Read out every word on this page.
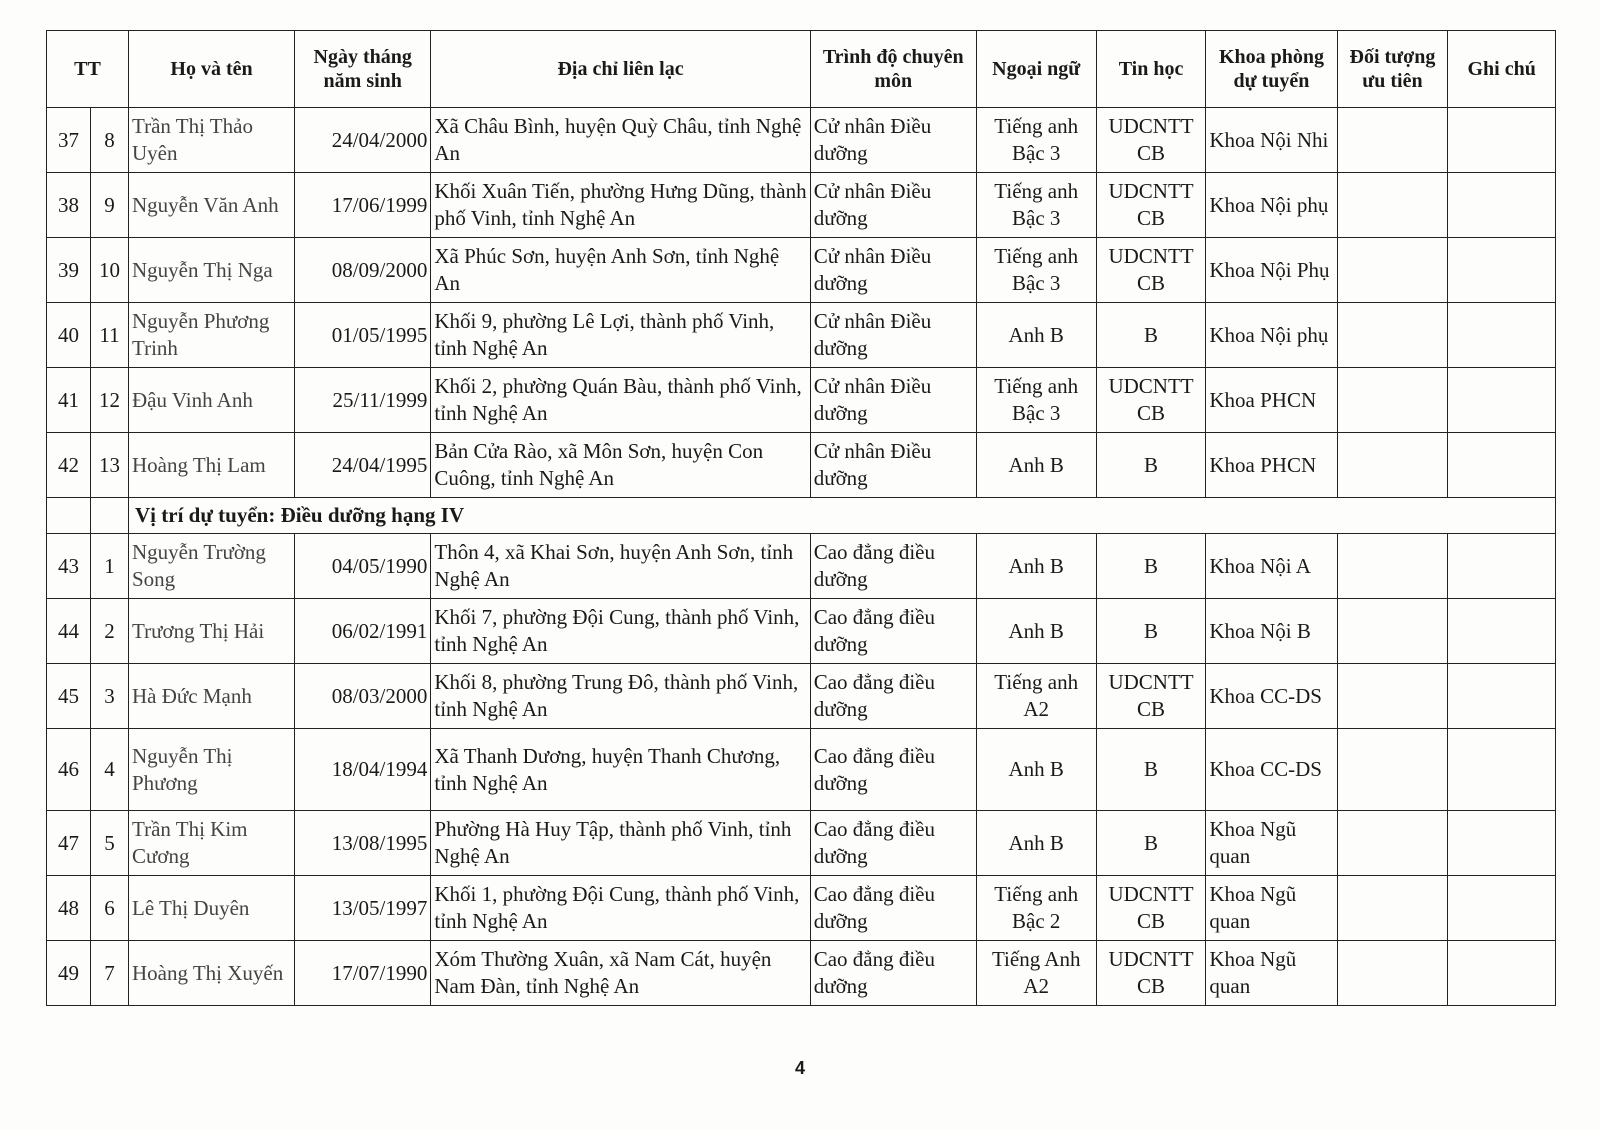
TT		Họ và tên	Ngày tháng năm sinh	Địa chỉ liên lạc	Trình độ chuyên môn	Ngoại ngữ	Tin học	Khoa phòng dự tuyển	Đối tượng ưu tiên	Ghi chú
37	8	Trần Thị Thảo Uyên	24/04/2000	Xã Châu Bình, huyện Quỳ Châu, tỉnh Nghệ An	Cử nhân Điều dưỡng	Tiếng anh Bậc 3	UDCNTT CB	Khoa Nội Nhi		
38	9	Nguyễn Văn Anh	17/06/1999	Khối Xuân Tiến, phường Hưng Dũng, thành phố Vinh, tỉnh Nghệ An	Cử nhân Điều dưỡng	Tiếng anh Bậc 3	UDCNTT CB	Khoa Nội phụ		
39	10	Nguyễn Thị Nga	08/09/2000	Xã Phúc Sơn, huyện Anh Sơn, tỉnh Nghệ An	Cử nhân Điều dưỡng	Tiếng anh Bậc 3	UDCNTT CB	Khoa Nội Phụ		
40	11	Nguyễn Phương Trinh	01/05/1995	Khối 9, phường Lê Lợi, thành phố Vinh, tỉnh Nghệ An	Cử nhân Điều dưỡng	Anh B	B	Khoa Nội phụ		
41	12	Đậu Vinh Anh	25/11/1999	Khối 2, phường Quán Bàu, thành phố Vinh, tỉnh Nghệ An	Cử nhân Điều dưỡng	Tiếng anh Bậc 3	UDCNTT CB	Khoa PHCN		
42	13	Hoàng Thị Lam	24/04/1995	Bản Cửa Rào, xã Môn Sơn, huyện Con Cuông, tỉnh Nghệ An	Cử nhân Điều dưỡng	Anh B	B	Khoa PHCN		
		Vị trí dự tuyển: Điều dưỡng hạng IV								
43	1	Nguyễn Trường Song	04/05/1990	Thôn 4, xã Khai Sơn, huyện Anh Sơn, tỉnh Nghệ An	Cao đẳng điều dưỡng	Anh B	B	Khoa Nội A		
44	2	Trương Thị Hải	06/02/1991	Khối 7, phường Đội Cung, thành phố Vinh, tỉnh Nghệ An	Cao đẳng điều dưỡng	Anh B	B	Khoa Nội B		
45	3	Hà Đức Mạnh	08/03/2000	Khối 8, phường Trung Đô, thành phố Vinh, tỉnh Nghệ An	Cao đẳng điều dưỡng	Tiếng anh A2	UDCNTT CB	Khoa CC-DS		
46	4	Nguyễn Thị Phương	18/04/1994	Xã Thanh Dương, huyện Thanh Chương, tỉnh Nghệ An	Cao đẳng điều dưỡng	Anh B	B	Khoa CC-DS		
47	5	Trần Thị Kim Cương	13/08/1995	Phường Hà Huy Tập, thành phố Vinh, tỉnh Nghệ An	Cao đẳng điều dưỡng	Anh B	B	Khoa Ngũ quan		
48	6	Lê Thị Duyên	13/05/1997	Khối 1, phường Đội Cung, thành phố Vinh, tỉnh Nghệ An	Cao đẳng điều dưỡng	Tiếng anh Bậc 2	UDCNTT CB	Khoa Ngũ quan		
49	7	Hoàng Thị Xuyến	17/07/1990	Xóm Thường Xuân, xã Nam Cát, huyện Nam Đàn, tỉnh Nghệ An	Cao đẳng điều dưỡng	Tiếng Anh A2	UDCNTT CB	Khoa Ngũ quan		
4
